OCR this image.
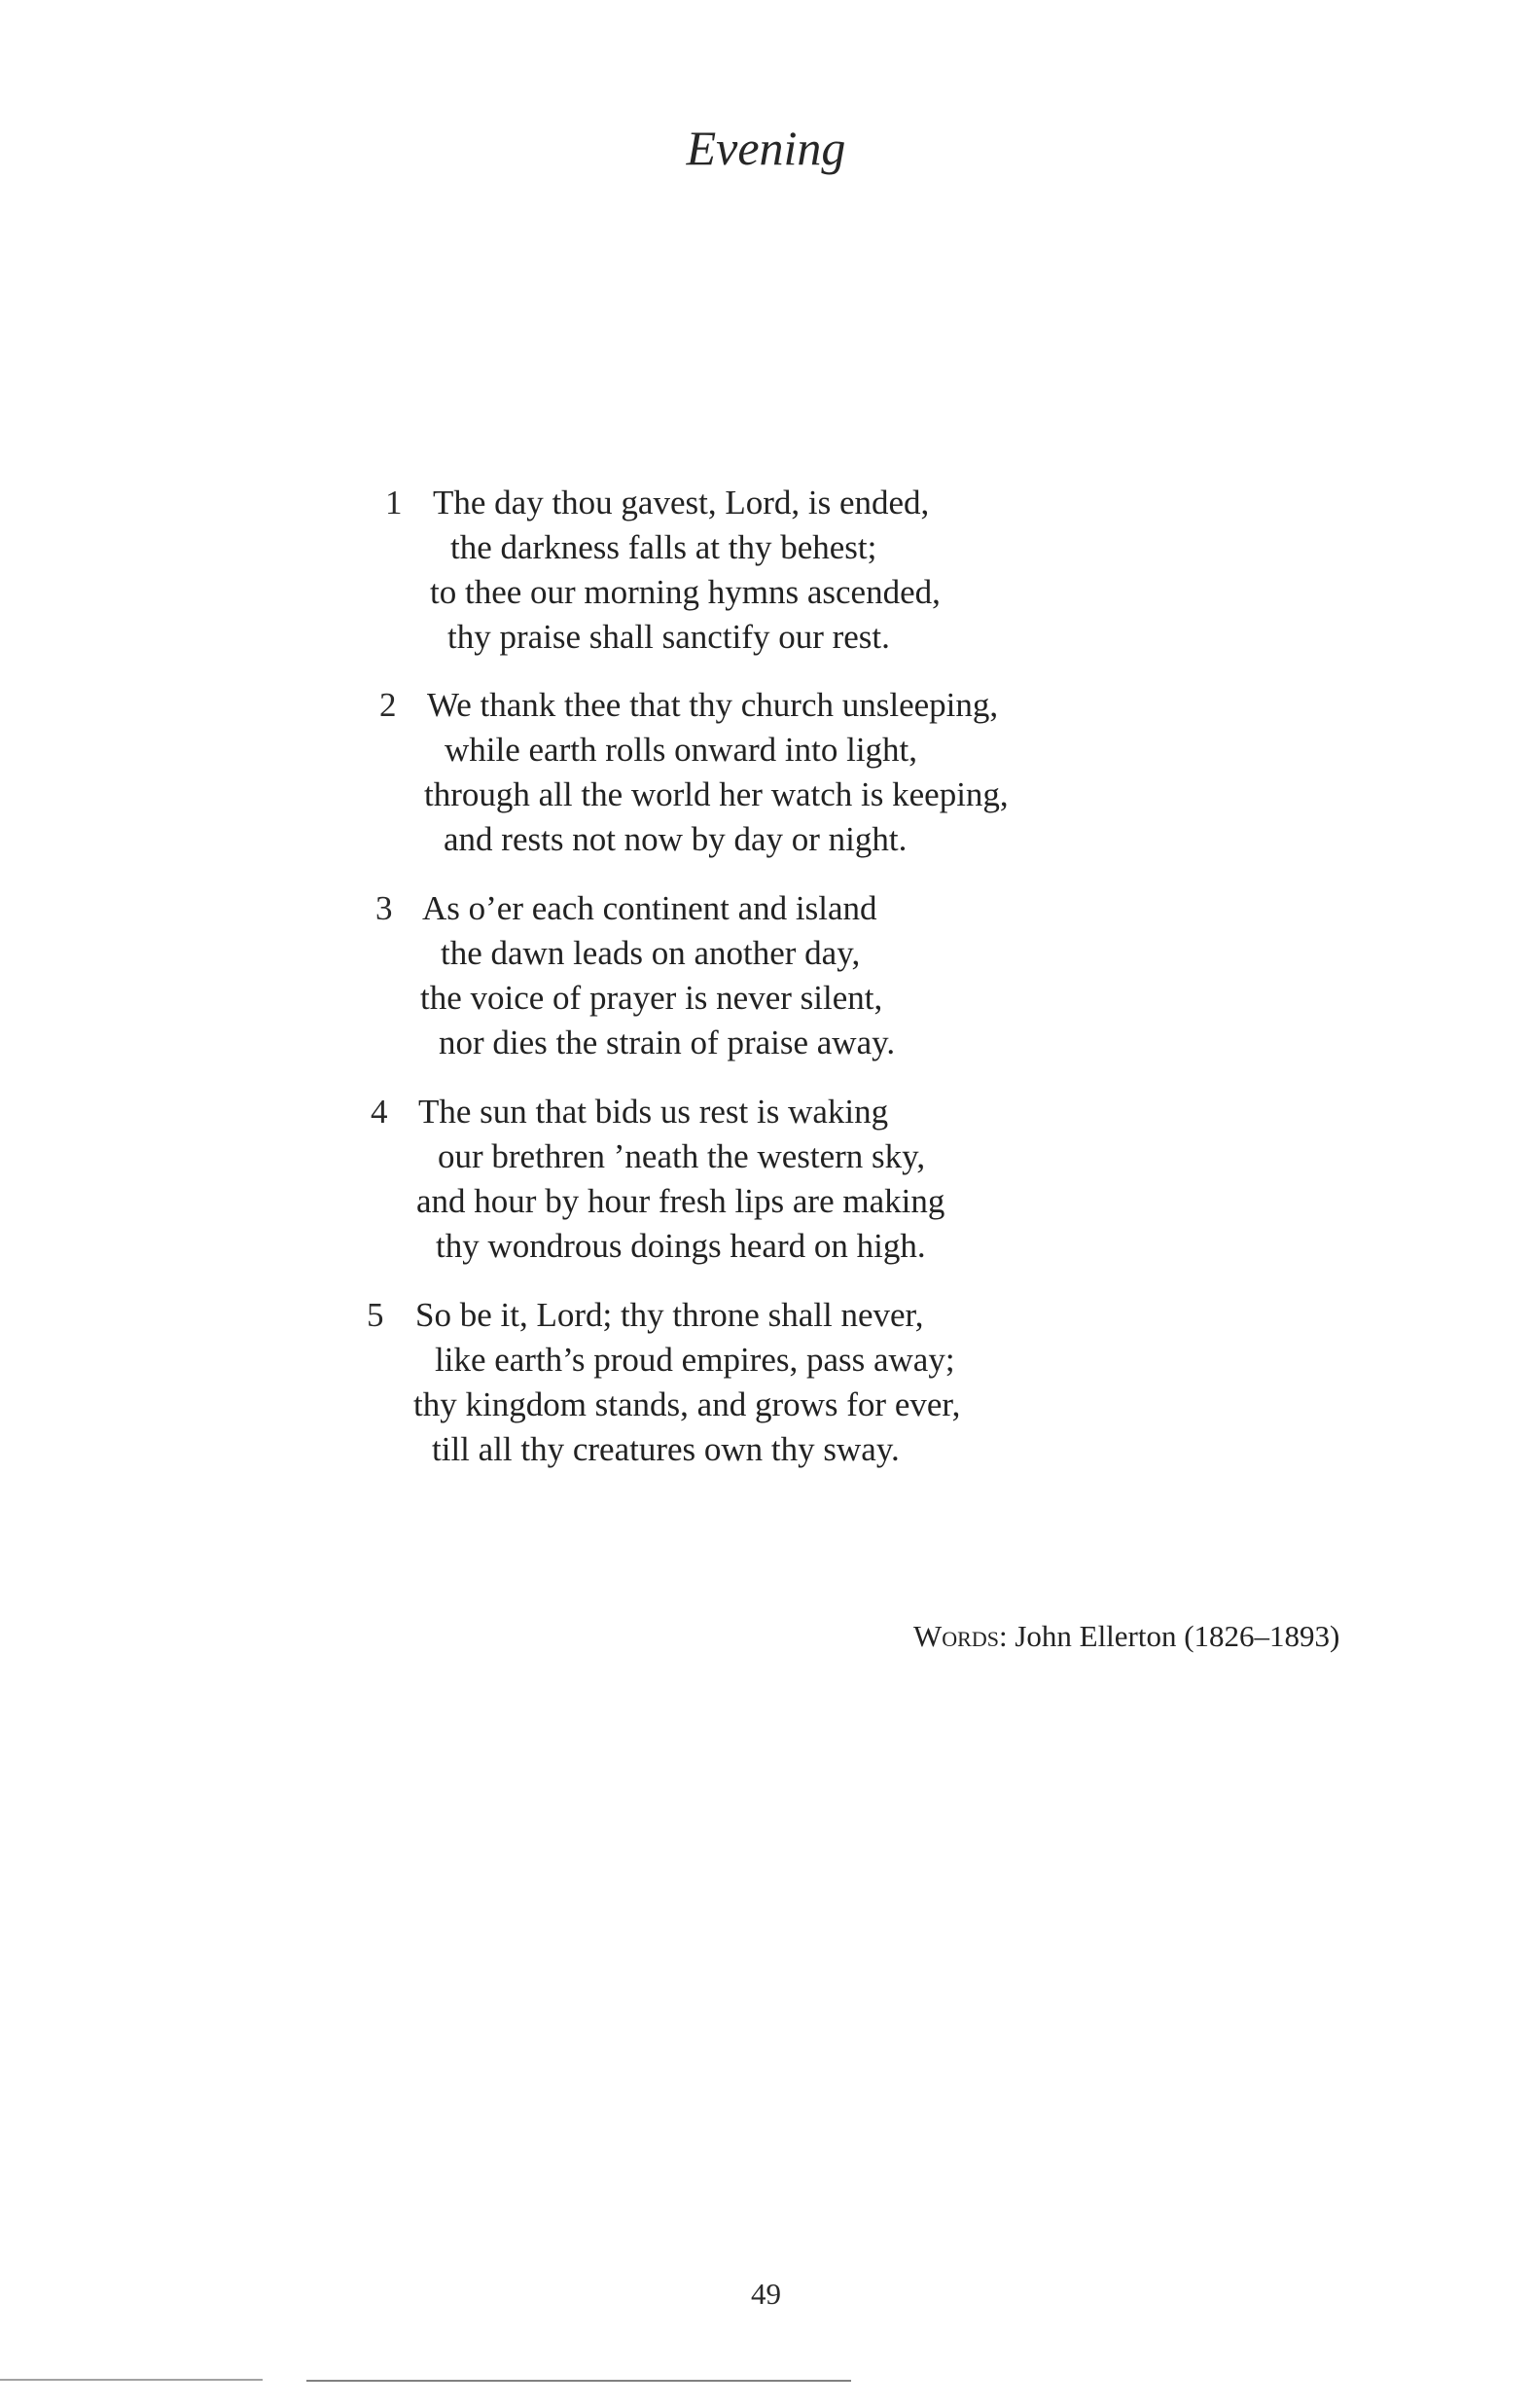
Evening
1 The day thou gavest, Lord, is ended,
the darkness falls at thy behest;
to thee our morning hymns ascended,
thy praise shall sanctify our rest.
2 We thank thee that thy church unsleeping,
while earth rolls onward into light,
through all the world her watch is keeping,
and rests not now by day or night.
3 As o’er each continent and island
the dawn leads on another day,
the voice of prayer is never silent,
nor dies the strain of praise away.
4 The sun that bids us rest is waking
our brethren ’neath the western sky,
and hour by hour fresh lips are making
thy wondrous doings heard on high.
5 So be it, Lord; thy throne shall never,
like earth’s proud empires, pass away;
thy kingdom stands, and grows for ever,
till all thy creatures own thy sway.
Words: John Ellerton (1826–1893)
49
